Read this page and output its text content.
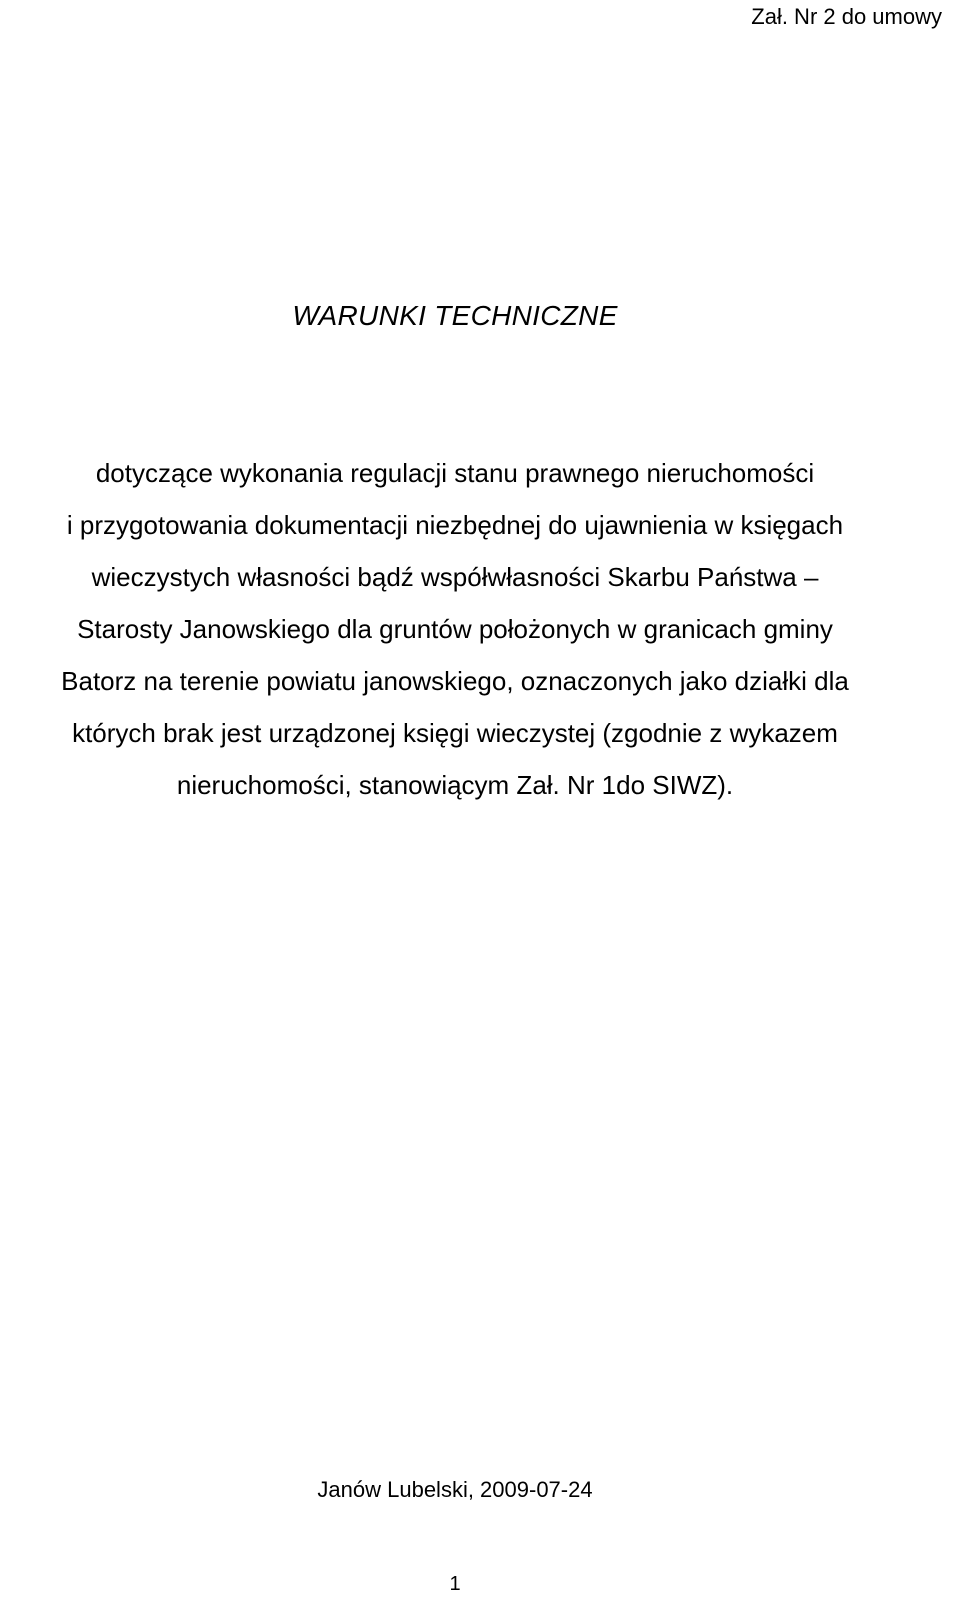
Zał. Nr 2 do umowy
WARUNKI TECHNICZNE
dotyczące wykonania regulacji stanu prawnego nieruchomości
i przygotowania dokumentacji niezbędnej do ujawnienia w księgach
wieczystych własności bądź współwłasności Skarbu Państwa –
Starosty Janowskiego dla gruntów położonych w granicach gminy
Batorz na terenie powiatu janowskiego, oznaczonych jako działki dla
których brak jest urządzonej księgi wieczystej (zgodnie z wykazem
nieruchomości, stanowiącym Zał. Nr 1do SIWZ).
Janów Lubelski, 2009-07-24
1
